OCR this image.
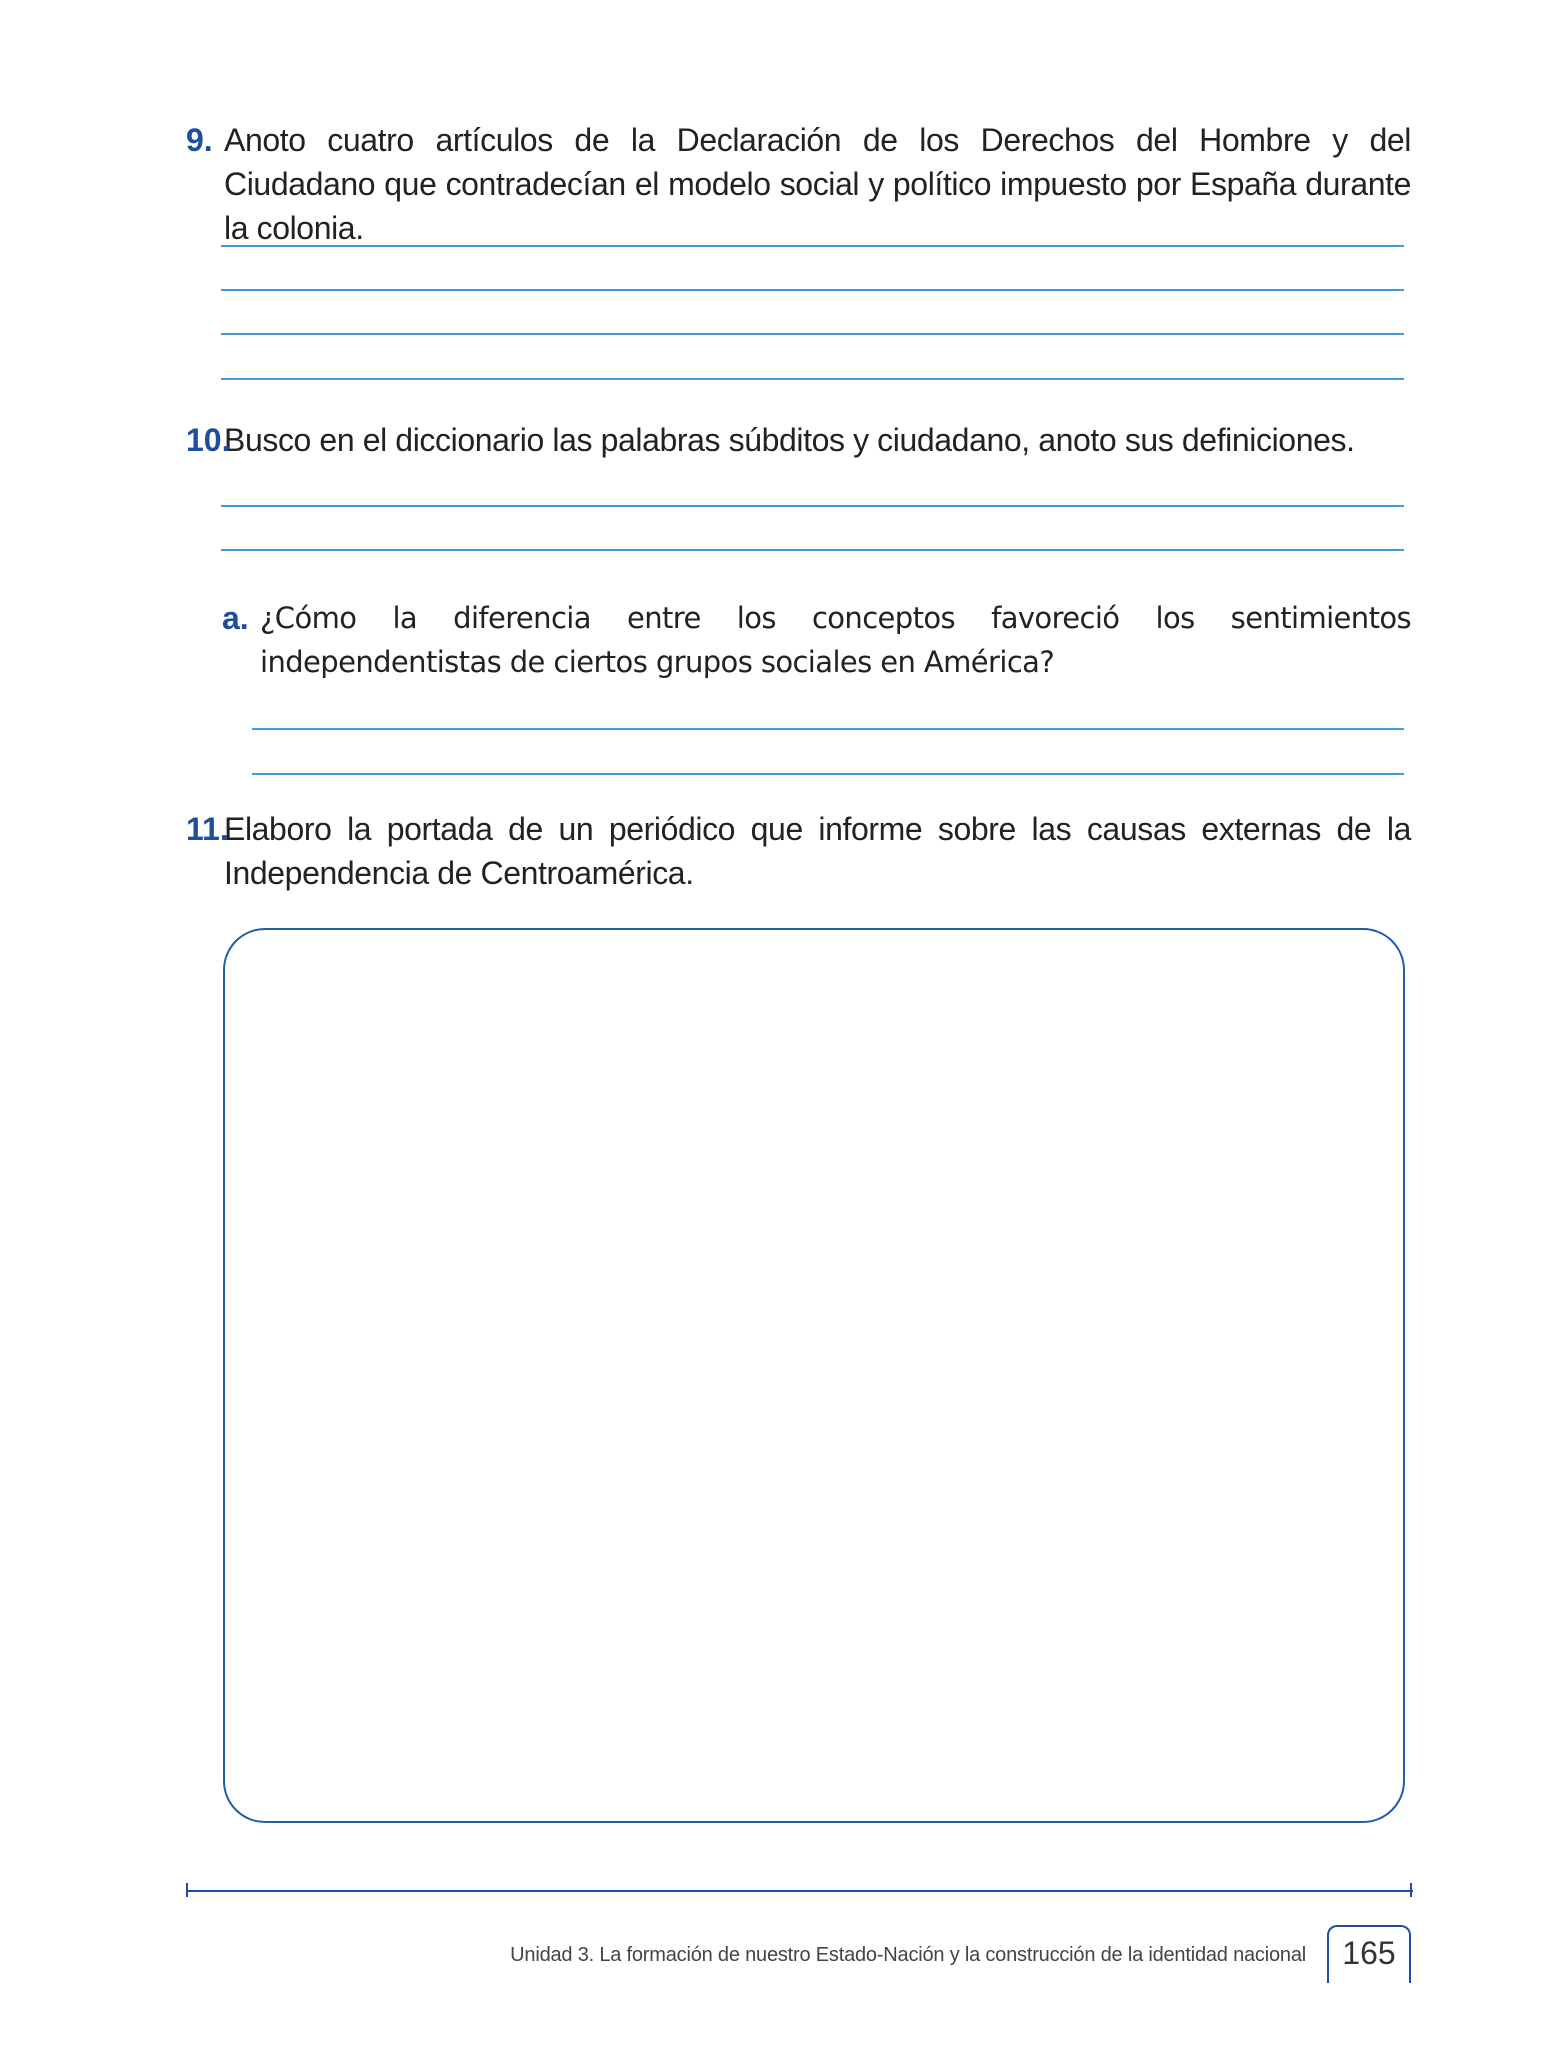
9. Anoto cuatro artículos de la Declaración de los Derechos del Hombre y del Ciudadano que contradecían el modelo social y político impuesto por España durante la colonia.
10.
Busco en el diccionario las palabras súbditos y ciudadano, anoto sus definiciones.
a. ¿Cómo la diferencia entre los conceptos favoreció los sentimientos independentistas de ciertos grupos sociales en América?
11.
Elaboro la portada de un periódico que informe sobre las causas externas de la Independencia de Centroamérica.
Unidad 3. La formación de nuestro Estado-Nación y la construcción de la identidad nacional	165
